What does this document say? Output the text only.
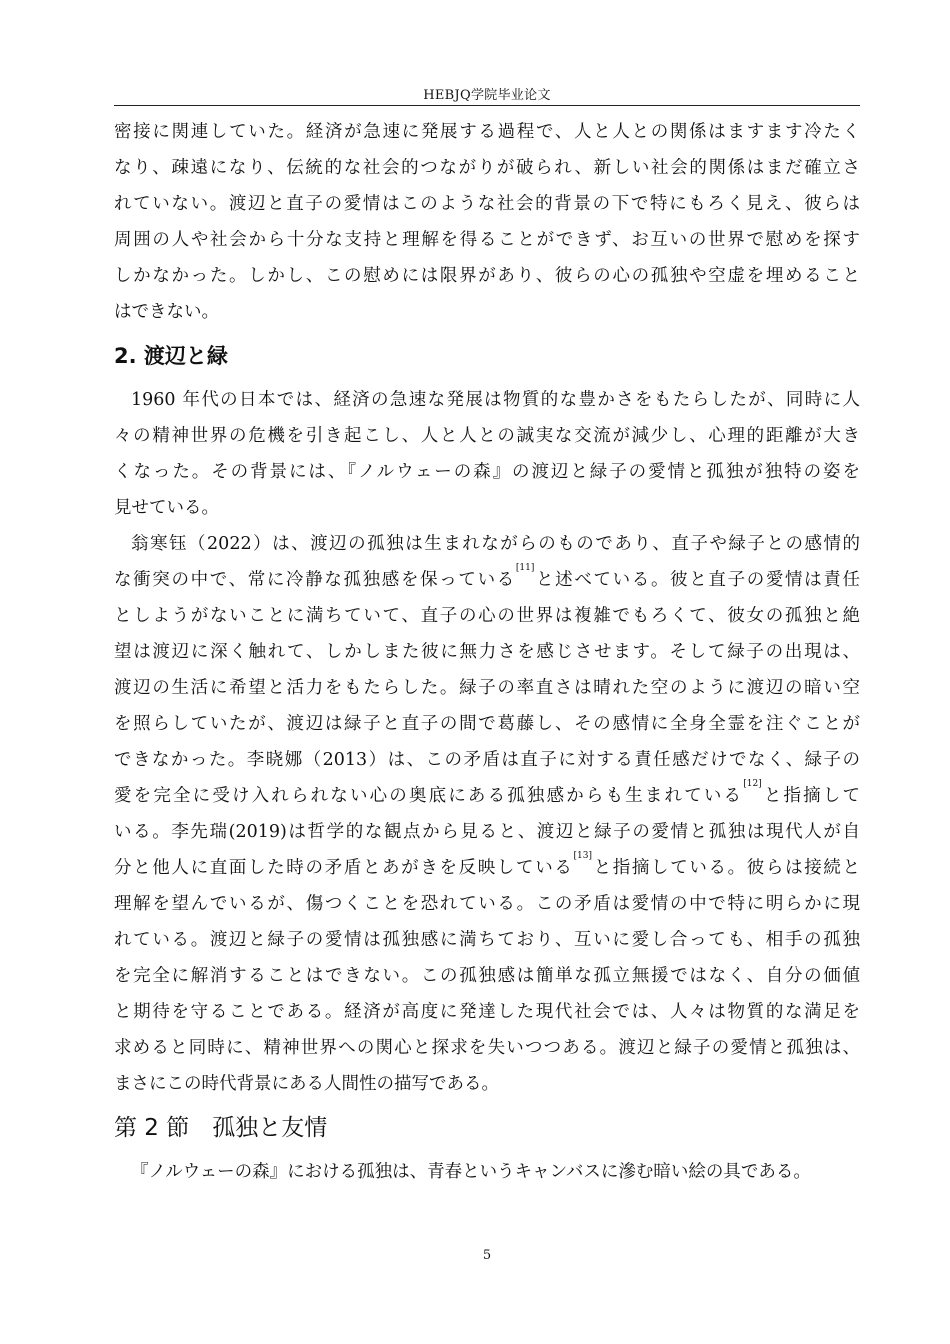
HEBJQ学院毕业论文
密接に関連していた。経済が急速に発展する過程で、人と人との関係はますます冷たく
なり、疎遠になり、伝統的な社会的つながりが破られ、新しい社会的関係はまだ確立さ
れていない。渡辺と直子の愛情はこのような社会的背景の下で特にもろく見え、彼らは
周囲の人や社会から十分な支持と理解を得ることができず、お互いの世界で慰めを探す
しかなかった。しかし、この慰めには限界があり、彼らの心の孤独や空虚を埋めること
はできない。
2. 渡辺と緑
1960 年代の日本では、経済の急速な発展は物質的な豊かさをもたらしたが、同時に人
々の精神世界の危機を引き起こし、人と人との誠実な交流が減少し、心理的距離が大き
くなった。その背景には、『ノルウェーの森』の渡辺と緑子の愛情と孤独が独特の姿を
見せている。
翁寒钰（2022）は、渡辺の孤独は生まれながらのものであり、直子や緑子との感情的
な衝突の中で、常に冷静な孤独感を保っている[11]と述べている。彼と直子の愛情は責任
としようがないことに満ちていて、直子の心の世界は複雑でもろくて、彼女の孤独と絶
望は渡辺に深く触れて、しかしまた彼に無力さを感じさせます。そして緑子の出現は、
渡辺の生活に希望と活力をもたらした。緑子の率直さは晴れた空のように渡辺の暗い空
を照らしていたが、渡辺は緑子と直子の間で葛藤し、その感情に全身全霊を注ぐことが
できなかった。李晓娜（2013）は、この矛盾は直子に対する責任感だけでなく、緑子の
愛を完全に受け入れられない心の奥底にある孤独感からも生まれている[12]と指摘して
いる。李先瑞(2019)は哲学的な観点から見ると、渡辺と緑子の愛情と孤独は現代人が自
分と他人に直面した時の矛盾とあがきを反映している[13]と指摘している。彼らは接続と
理解を望んでいるが、傷つくことを恐れている。この矛盾は愛情の中で特に明らかに現
れている。渡辺と緑子の愛情は孤独感に満ちており、互いに愛し合っても、相手の孤独
を完全に解消することはできない。この孤独感は簡単な孤立無援ではなく、自分の価値
と期待を守ることである。経済が高度に発達した現代社会では、人々は物質的な満足を
求めると同時に、精神世界への関心と探求を失いつつある。渡辺と緑子の愛情と孤独は、
まさにこの時代背景にある人間性の描写である。
第 2 節　孤独と友情
『ノルウェーの森』における孤独は、青春というキャンバスに滲む暗い絵の具である。
5
